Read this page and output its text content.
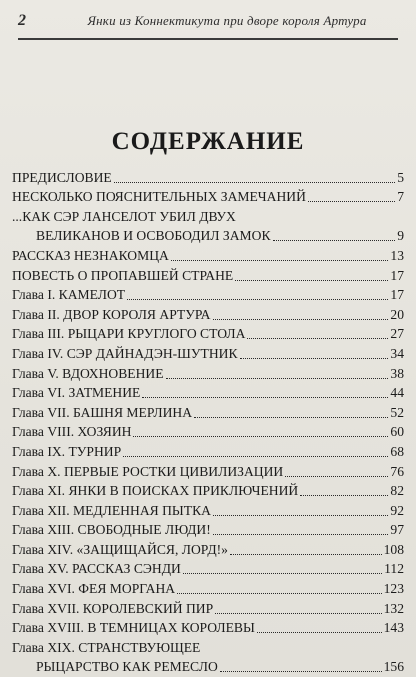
2	Янки из Коннектикута при дворе короля Артура
СОДЕРЖАНИЕ
ПРЕДИСЛОВИЕ	5
НЕСКОЛЬКО ПОЯСНИТЕЛЬНЫХ ЗАМЕЧАНИЙ	7
...КАК СЭР ЛАНСЕЛОТ УБИЛ ДВУХ
ВЕЛИКАНОВ И ОСВОБОДИЛ ЗАМОК	9
РАССКАЗ НЕЗНАКОМЦА	13
ПОВЕСТЬ О ПРОПАВШЕЙ СТРАНЕ	17
Глава I. КАМЕЛОТ	17
Глава II. ДВОР КОРОЛЯ АРТУРА	20
Глава III. РЫЦАРИ КРУГЛОГО СТОЛА	27
Глава IV. СЭР ДАЙНАДЭН-ШУТНИК	34
Глава V. ВДОХНОВЕНИЕ	38
Глава VI. ЗАТМЕНИЕ	44
Глава VII. БАШНЯ МЕРЛИНА	52
Глава VIII. ХОЗЯИН	60
Глава IX. ТУРНИР	68
Глава X. ПЕРВЫЕ РОСТКИ ЦИВИЛИЗАЦИИ	76
Глава XI. ЯНКИ В ПОИСКАХ ПРИКЛЮЧЕНИЙ	82
Глава XII. МЕДЛЕННАЯ ПЫТКА	92
Глава XIII. СВОБОДНЫЕ ЛЮДИ!	97
Глава XIV. «ЗАЩИЩАЙСЯ, ЛОРД!»	108
Глава XV. РАССКАЗ СЭНДИ	112
Глава XVI. ФЕЯ МОРГАНА	123
Глава XVII. КОРОЛЕВСКИЙ ПИР	132
Глава XVIII. В ТЕМНИЦАХ КОРОЛЕВЫ	143
Глава XIX. СТРАНСТВУЮЩЕЕ
РЫЦАРСТВО КАК РЕМЕСЛО	156
